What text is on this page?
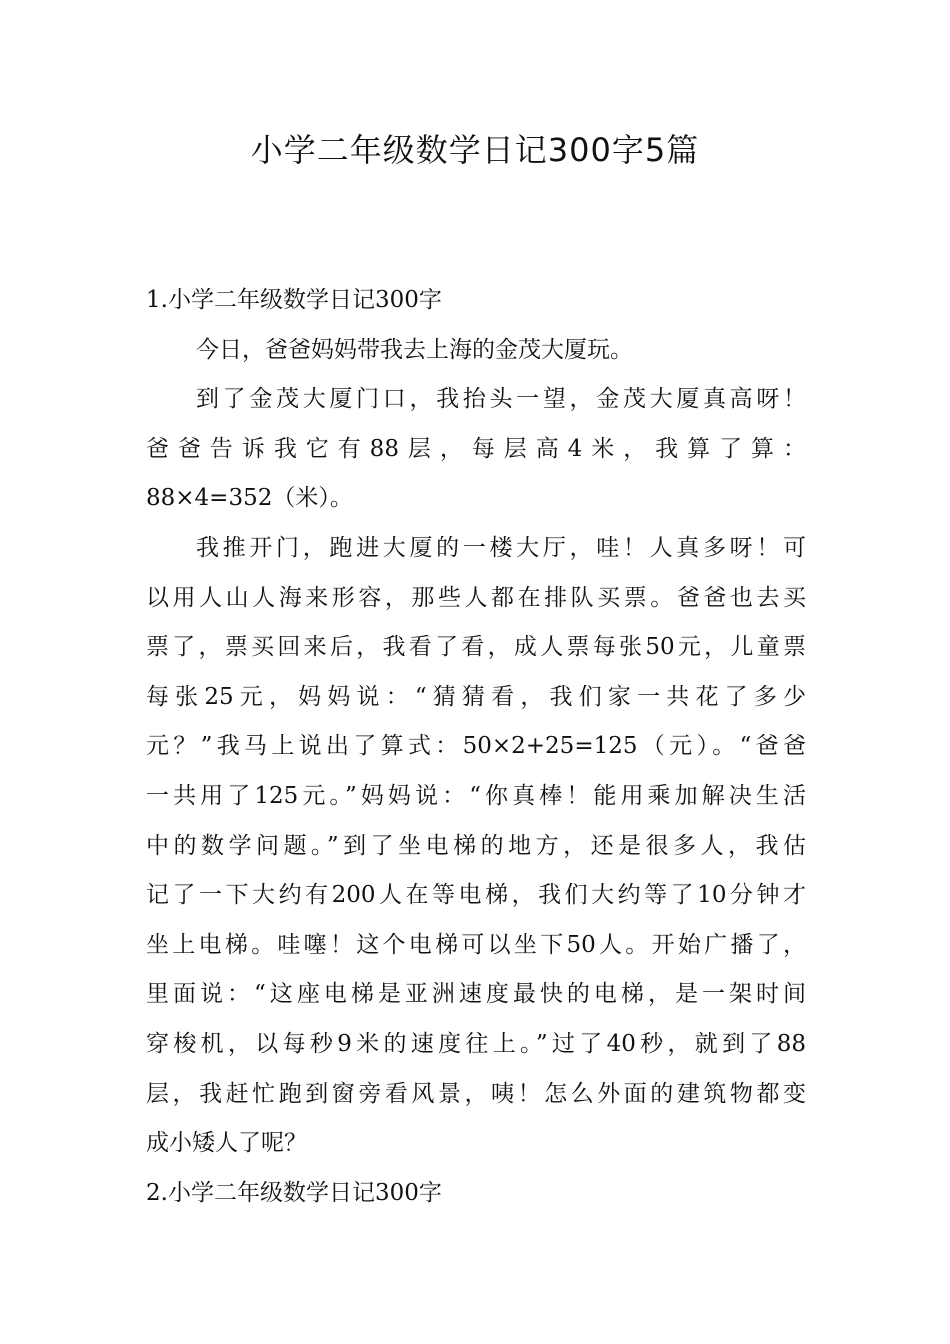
小学二年级数学日记300字5篇
1.小学二年级数学日记300字
今日，爸爸妈妈带我去上海的金茂大厦玩。
到了金茂大厦门口，我抬头一望，金茂大厦真高呀！
爸爸告诉我它有88层，每层高4米，我算了算：
88×4=352（米）。
我推开门，跑进大厦的一楼大厅，哇！人真多呀！可
以用人山人海来形容，那些人都在排队买票。爸爸也去买
票了，票买回来后，我看了看，成人票每张50元，儿童票
每张25元，妈妈说：“猜猜看，我们家一共花了多少
元？”我马上说出了算式：50×2+25=125（元）。“爸爸
一共用了125元。”妈妈说：“你真棒！能用乘加解决生活
中的数学问题。”到了坐电梯的地方，还是很多人，我估
记了一下大约有200人在等电梯，我们大约等了10分钟才
坐上电梯。哇噻！这个电梯可以坐下50人。开始广播了，
里面说：“这座电梯是亚洲速度最快的电梯，是一架时间
穿梭机，以每秒9米的速度往上。”过了40秒，就到了88
层，我赶忙跑到窗旁看风景，咦！怎么外面的建筑物都变
成小矮人了呢？
2.小学二年级数学日记300字
